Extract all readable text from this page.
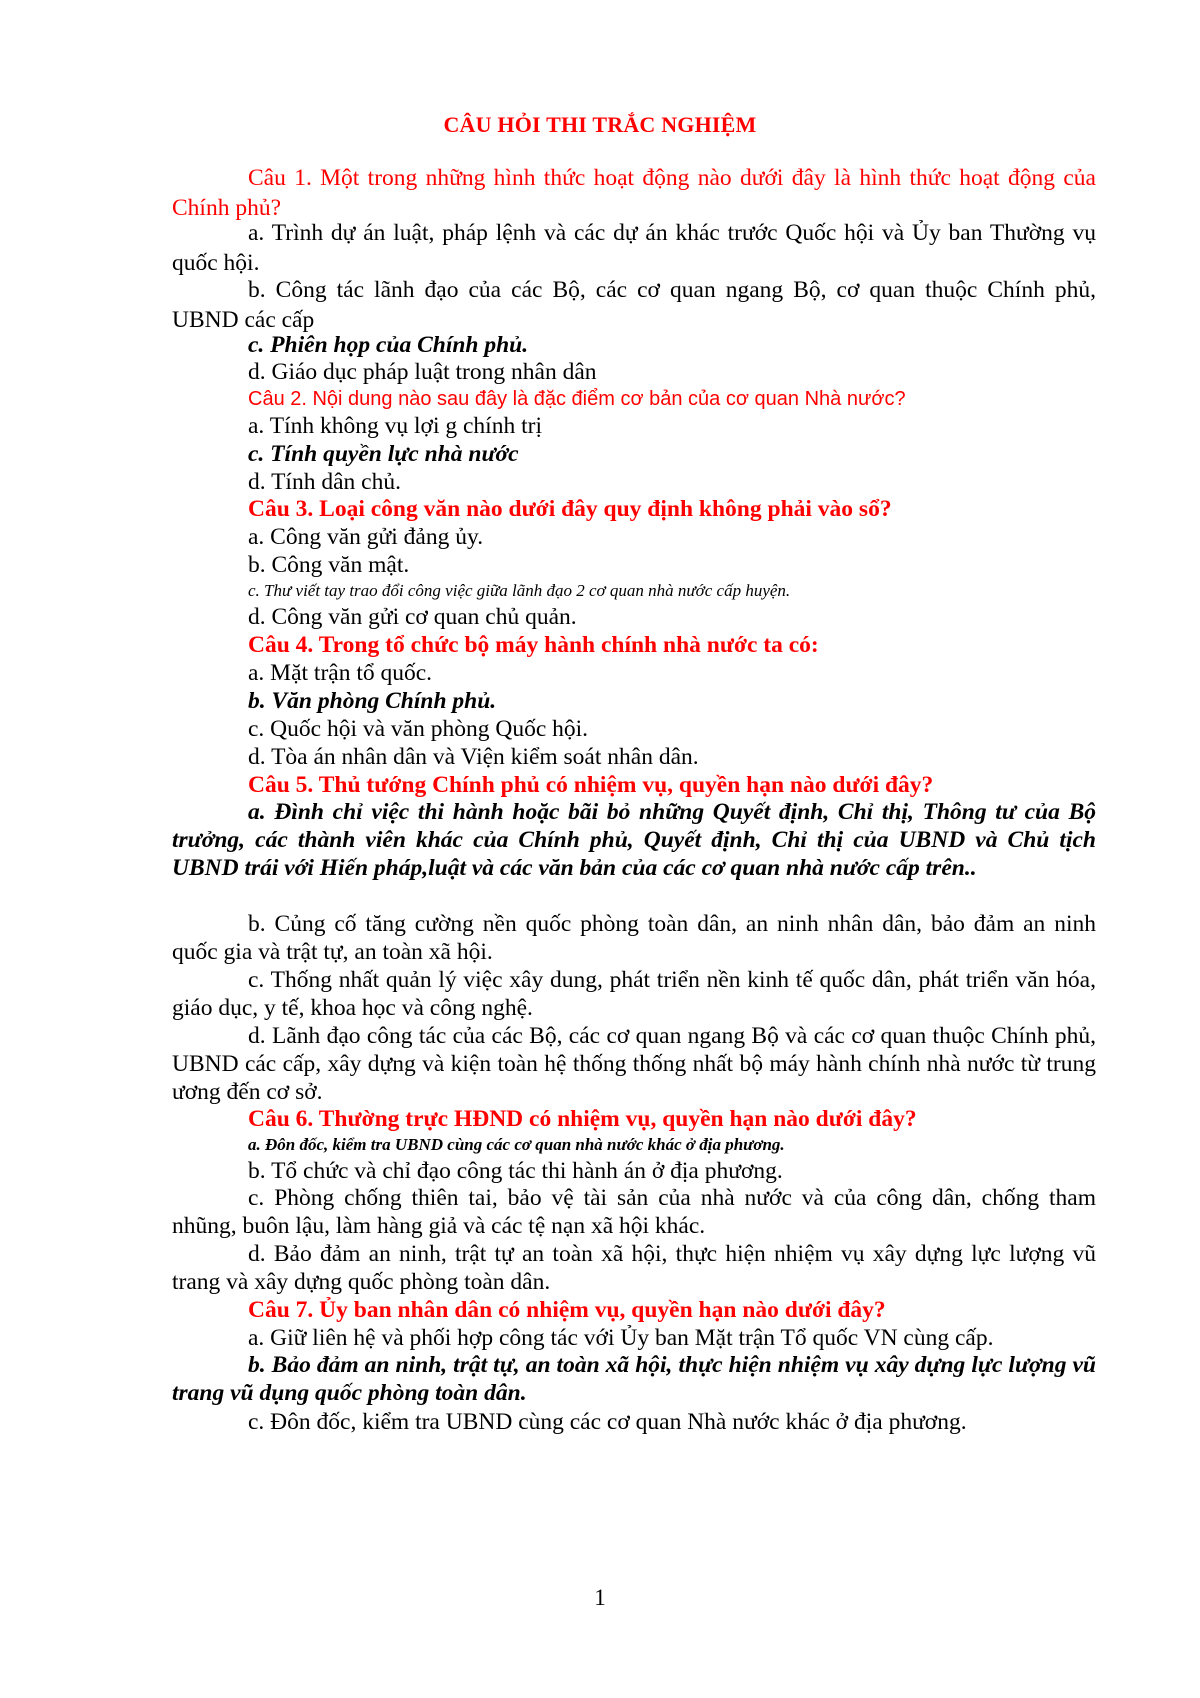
CÂU HỎI THI TRẮC NGHIỆM
Câu 1. Một trong những hình thức hoạt động nào dưới đây là hình thức hoạt động của Chính phủ?
a. Trình dự án luật, pháp lệnh và các dự án khác trước Quốc hội và Ủy ban Thường vụ quốc hội.
b. Công tác lãnh đạo của các Bộ, các cơ quan ngang Bộ, cơ quan thuộc Chính phủ, UBND các cấp
c. Phiên họp của Chính phủ.
d. Giáo dục pháp luật trong nhân dân
Câu 2. Nội dung nào sau đây là đặc điểm cơ bản của cơ quan Nhà nước?
a. Tính không vụ lợi g chính trị
c. Tính quyền lực nhà nước
d. Tính dân chủ.
Câu 3. Loại công văn nào dưới đây quy định không phải vào sổ?
a. Công văn gửi đảng ủy.
b. Công văn mật.
c. Thư viết tay trao đổi công việc giữa lãnh đạo 2 cơ quan nhà nước cấp huyện.
d. Công văn gửi cơ quan chủ quản.
Câu 4. Trong tổ chức bộ máy hành chính nhà nước ta có:
a. Mặt trận tổ quốc.
b. Văn phòng Chính phủ.
c. Quốc hội và văn phòng Quốc hội.
d. Tòa án nhân dân và Viện kiểm soát nhân dân.
Câu 5. Thủ tướng Chính phủ có nhiệm vụ, quyền hạn nào dưới đây?
a. Đình chỉ việc thi hành hoặc bãi bỏ những Quyết định, Chỉ thị, Thông tư của Bộ trưởng, các thành viên khác của Chính phủ, Quyết định, Chỉ thị của UBND và Chủ tịch UBND trái với Hiến pháp,luật và các văn bản của các cơ quan nhà nước cấp trên..
b. Củng cố tăng cường nền quốc phòng toàn dân, an ninh nhân dân, bảo đảm an ninh quốc gia và trật tự, an toàn xã hội.
c. Thống nhất quản lý việc xây dung, phát triển nền kinh tế quốc dân, phát triển văn hóa, giáo dục, y tế, khoa học và công nghệ.
d. Lãnh đạo công tác của các Bộ, các cơ quan ngang Bộ và các cơ quan thuộc Chính phủ, UBND các cấp, xây dựng và kiện toàn hệ thống thống nhất bộ máy hành chính nhà nước từ trung ương đến cơ sở.
Câu 6. Thường trực HĐND có nhiệm vụ, quyền hạn nào dưới đây?
a. Đôn đốc, kiểm tra UBND cùng các cơ quan nhà nước khác ở địa phương.
b. Tổ chức và chỉ đạo công tác thi hành án ở địa phương.
c. Phòng chống thiên tai, bảo vệ tài sản của nhà nước và của công dân, chống tham nhũng, buôn lậu, làm hàng giả và các tệ nạn xã hội khác.
d. Bảo đảm an ninh, trật tự an toàn xã hội, thực hiện nhiệm vụ xây dựng lực lượng vũ trang và xây dựng quốc phòng toàn dân.
Câu 7. Ủy ban nhân dân có nhiệm vụ, quyền hạn nào dưới đây?
a. Giữ liên hệ và phối hợp công tác với Ủy ban Mặt trận Tổ quốc VN cùng cấp.
b. Bảo đảm an ninh, trật tự, an toàn xã hội, thực hiện nhiệm vụ xây dựng lực lượng vũ trang vũ dụng quốc phòng toàn dân.
c. Đôn đốc, kiểm tra UBND cùng các cơ quan Nhà nước khác ở địa phương.
1
